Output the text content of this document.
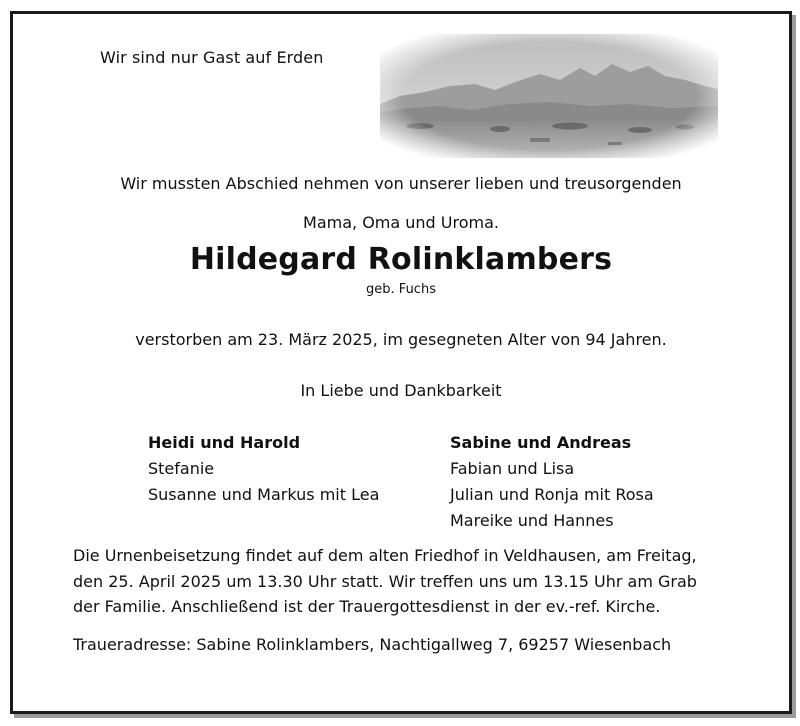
Wir sind nur Gast auf Erden
Wir mussten Abschied nehmen von unserer lieben und treusorgenden
Mama, Oma und Uroma.
Hildegard Rolinklambers
geb. Fuchs
verstorben am 23. März 2025, im gesegneten Alter von 94 Jahren.
In Liebe und Dankbarkeit
Heidi und Harold
Stefanie
Susanne und Markus mit Lea
Sabine und Andreas
Fabian und Lisa
Julian und Ronja mit Rosa
Mareike und Hannes
Die Urnenbeisetzung findet auf dem alten Friedhof in Veldhausen, am Freitag,
den 25. April 2025 um 13.30 Uhr statt. Wir treffen uns um 13.15 Uhr am Grab
der Familie. Anschließend ist der Trauergottesdienst in der ev.-ref. Kirche.
Traueradresse: Sabine Rolinklambers, Nachtigallweg 7, 69257 Wiesenbach
